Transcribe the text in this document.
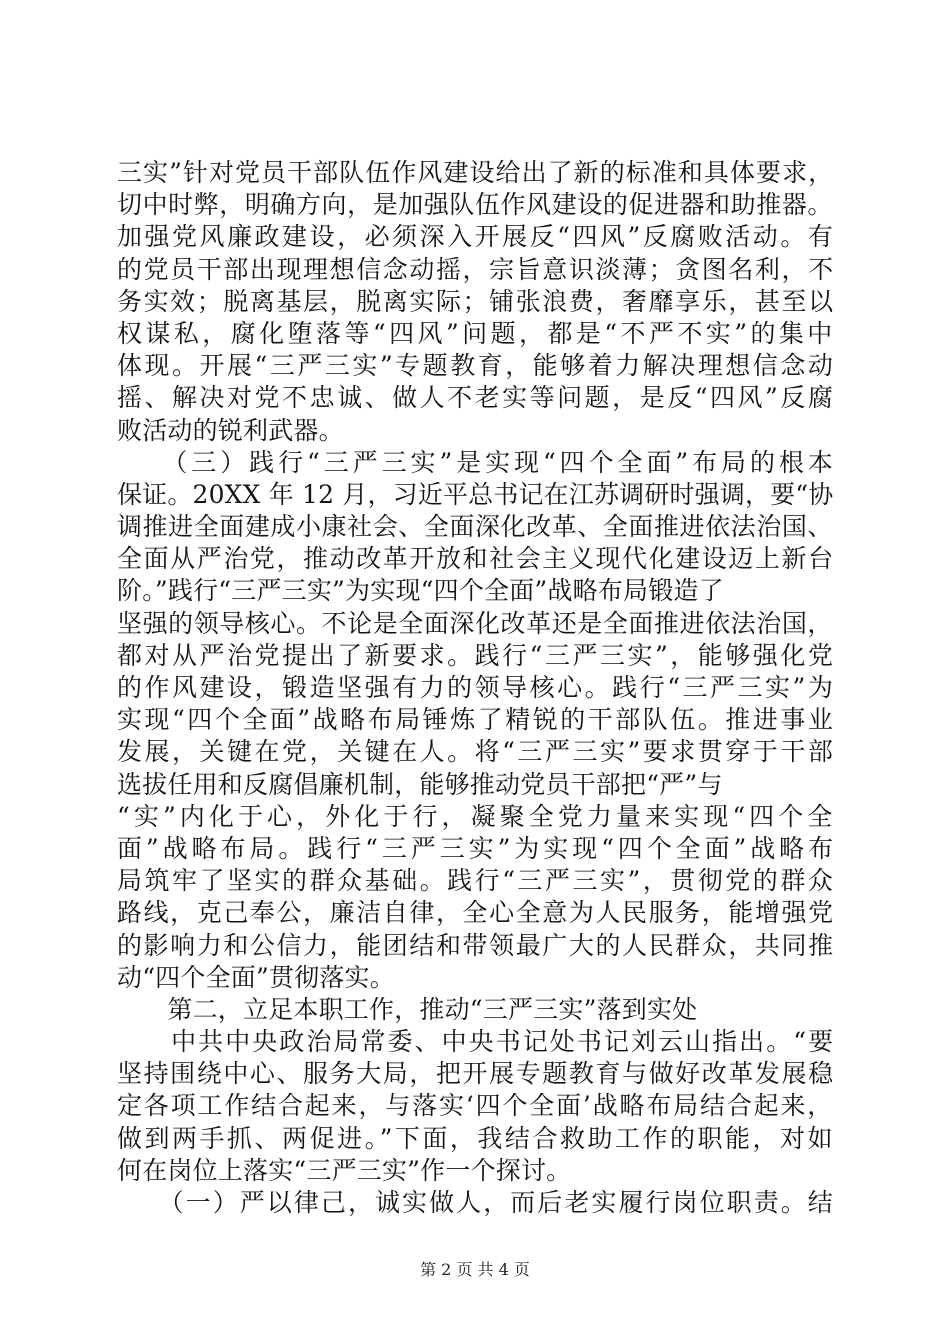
三实”针对党员干部队伍作风建设给出了新的标准和具体要求，
切中时弊，明确方向，是加强队伍作风建设的促进器和助推器。
加强党风廉政建设，必须深入开展反“四风”反腐败活动。有
的党员干部出现理想信念动摇，宗旨意识淡薄；贪图名利，不
务实效；脱离基层，脱离实际；铺张浪费，奢靡享乐，甚至以
权谋私，腐化堕落等“四风”问题，都是“不严不实”的集中
体现。开展“三严三实”专题教育，能够着力解决理想信念动
摇、解决对党不忠诚、做人不老实等问题，是反“四风”反腐
败活动的锐利武器。
　　（三）践行“三严三实”是实现“四个全面”布局的根本
保证。20XX 年 12 月，习近平总书记在江苏调研时强调，要“协
调推进全面建成小康社会、全面深化改革、全面推进依法治国、
全面从严治党，推动改革开放和社会主义现代化建设迈上新台
阶。”践行“三严三实”为实现“四个全面”战略布局锻造了
坚强的领导核心。不论是全面深化改革还是全面推进依法治国，
都对从严治党提出了新要求。践行“三严三实”，能够强化党
的作风建设，锻造坚强有力的领导核心。践行“三严三实”为
实现“四个全面”战略布局锤炼了精锐的干部队伍。推进事业
发展，关键在党，关键在人。将“三严三实”要求贯穿于干部
选拔任用和反腐倡廉机制，能够推动党员干部把“严”与
“实”内化于心，外化于行，凝聚全党力量来实现“四个全
面”战略布局。践行“三严三实”为实现“四个全面”战略布
局筑牢了坚实的群众基础。践行“三严三实”，贯彻党的群众
路线，克己奉公，廉洁自律，全心全意为人民服务，能增强党
的影响力和公信力，能团结和带领最广大的人民群众，共同推
动“四个全面”贯彻落实。
　　第二，立足本职工作，推动“三严三实”落到实处
　　中共中央政治局常委、中央书记处书记刘云山指出。“要
坚持围绕中心、服务大局，把开展专题教育与做好改革发展稳
定各项工作结合起来，与落实‘四个全面’战略布局结合起来，
做到两手抓、两促进。”下面，我结合救助工作的职能，对如
何在岗位上落实“三严三实”作一个探讨。
　　（一）严以律己，诚实做人，而后老实履行岗位职责。结
第 2 页 共 4 页
